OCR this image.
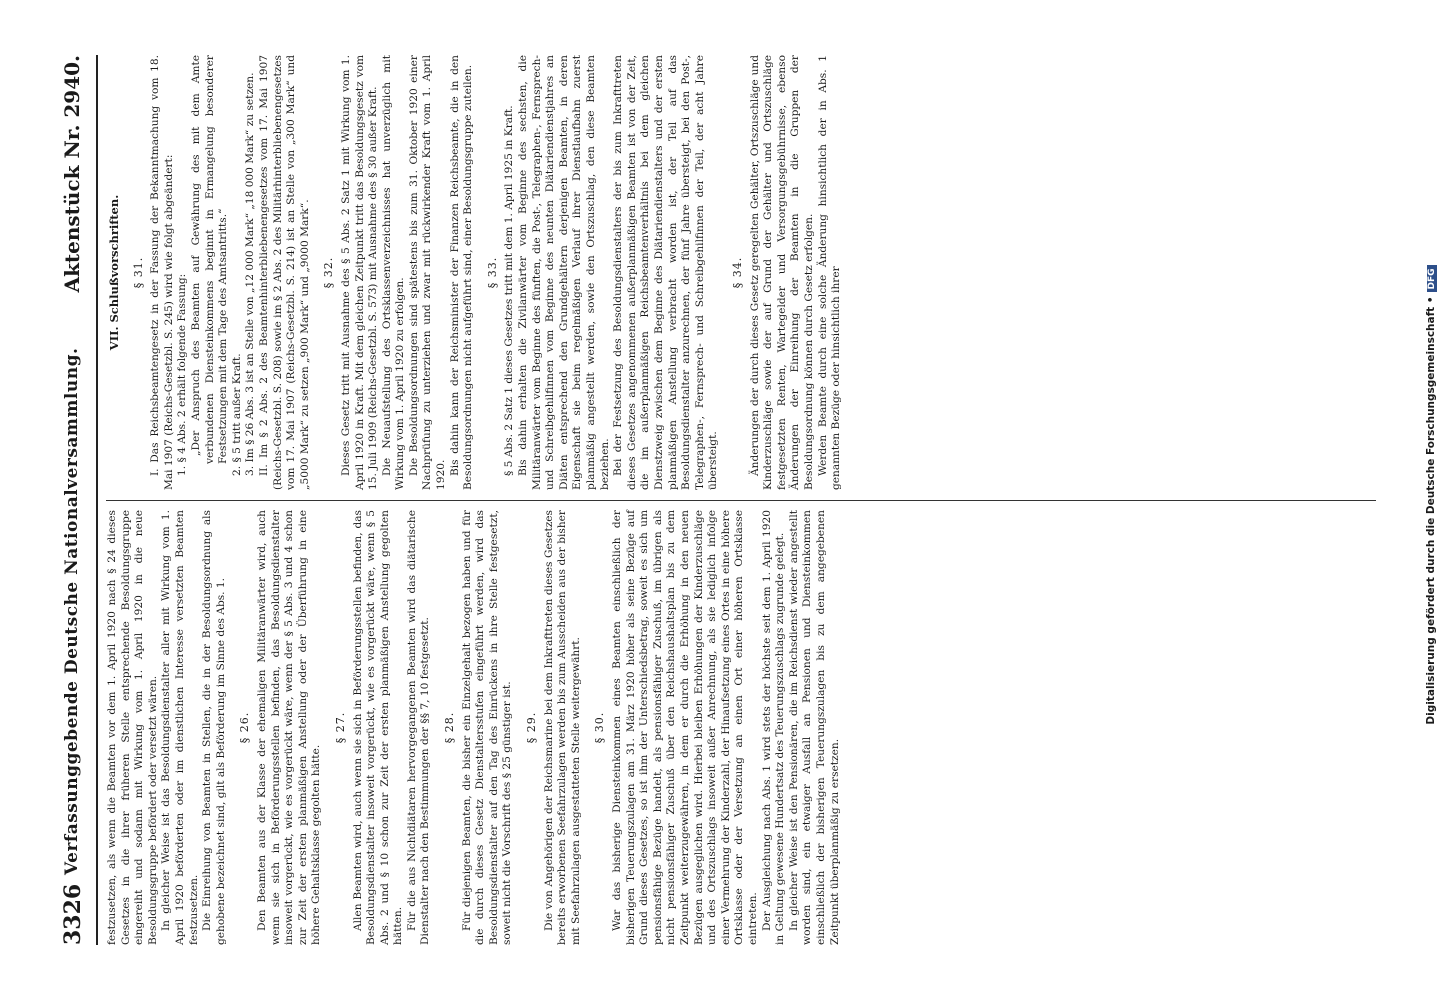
3326
Verfassunggebende Deutsche Nationalversammlung.
Aktenstück Nr. 2940.

festzusetzen, als wenn die Beamten vor dem 1. April 1920 nach § 24 dieses Gesetzes in die ihrer früheren Stelle entsprechende Besoldungsgruppe eingereiht und sodann mit Wirkung vom 1. April 1920 in die neue Besoldungsgruppe befördert oder versetzt wären. In gleicher Weise ist das Besoldungsdienstalter aller mit Wirkung vom 1. April 1920 beförderten oder im dienstlichen Interesse versetzten Beamten festzusetzen. Die Einreihung von Beamten in Stellen, die in der Besoldungsordnung als gehobene bezeichnet sind, gilt als Beförderung im Sinne des Abs. 1. § 26. Den Beamten aus der Klasse der ehemaligen Militäranwärter wird, auch wenn sie sich in Beförderungsstellen befinden, das Besoldungsdienstalter insoweit vorgerückt, wie es vorgerückt wäre, wenn der § 5 Abs. 3 und 4 schon zur Zeit der ersten planmäßigen Anstellung oder der Überführung in eine höhere Gehaltsklasse gegolten hätte.

§ 27. Allen Beamten wird, auch wenn sie sich in Beförderungsstellen befinden, das Besoldungsdienstalter insoweit vorgerückt, wie es vorgerückt wäre, wenn § 5 Abs. 2 und § 10 schon zur Zeit der ersten planmäßigen Anstellung gegolten hätten. Für die aus Nichtdiätaren hervorgegangenen Beamten wird das diätarische Dienstalter nach den Bestimmungen der §§ 7, 10 festgesetzt. § 28. Für diejenigen Beamten, die bisher ein Einzelgehalt bezogen haben und für die durch dieses Gesetz Dienstaltersstufen eingeführt werden, wird das Besoldungsdienstalter auf den Tag des Einrückens in ihre Stelle festgesetzt, soweit nicht die Vorschrift des § 25 günstiger ist. § 29. Die von Angehörigen der Reichsmarine bei dem Inkrafttreten dieses Gesetzes bereits erworbenen Seefahrzulagen werden bis zum Ausscheiden aus der bisher mit Seefahrzulagen ausgestatteten Stelle weitergewährt. § 30. War das bisherige Diensteinkommen eines Beamten einschließlich der bisherigen Teuerungszulagen am 31. März 1920 höher als seine Bezüge auf Grund dieses Gesetzes, so ist ihm der Unterschiedsbetrag, soweit es sich um pensionsfähige Bezüge handelt, als pensionsfähiger Zuschuß, im übrigen als nicht pensionsfähiger Zuschuß über den Reichshaushaltsplan bis zu dem Zeitpunkt weiterzugewähren, in dem er durch die Erhöhung in den neuen Bezügen ausgeglichen wird. Hierbei bleiben Erhöhungen der Kinderzuschläge und des Ortszuschlags insoweit außer Anrechnung, als sie lediglich infolge einer Vermehrung der Kinderzahl, der Hinaufsetzung eines Ortes in eine höhere Ortsklasse oder der Versetzung an einen Ort einer höheren Ortsklasse eintreten. Der Ausgleichung nach Abs. 1 wird stets der höchste seit dem 1. April 1920 in Geltung gewesene Hundertsatz des Teuerungszuschlags zugrunde gelegt. In gleicher Weise ist den Pensionären, die im Reichsdienst wieder angestellt worden sind, ein etwaiger Ausfall an Pensionen und Diensteinkommen einschließlich der bisherigen Teuerungszulagen bis zu dem angegebenen Zeitpunkt überplanmäßig zu ersetzen.

VII. Schlußvorschriften. § 31. I. Das Reichsbeamtengesetz in der Fassung der Bekanntmachung vom 18. Mai 1907 (Reichs-Gesetzbl. S. 245) wird wie folgt abgeändert: 1. § 4 Abs. 2 erhält folgende Fassung: „Der Anspruch des Beamten auf Gewährung des mit dem Amte verbundenen Diensteinkommens beginnt in Ermangelung besonderer Festsetzungen mit dem Tage des Amtsantritts.“ 2. § 5 tritt außer Kraft. 3. Im § 26 Abs. 3 ist an Stelle von „12 000 Mark“ „18 000 Mark“ zu setzen. II. Im § 2 Abs. 2 des Beamtenhinterbliebenengesetzes vom 17. Mai 1907 (Reichs-Gesetzbl. S. 208) sowie im § 2 Abs. 2 des Militärhinterbliebenengesetzes vom 17. Mai 1907 (Reichs-Gesetzbl. S. 214) ist an Stelle von „300 Mark“ und „5000 Mark“ zu setzen „900 Mark“ und „9000 Mark“. § 32. Dieses Gesetz tritt mit Ausnahme des § 5 Abs. 2 Satz 1 mit Wirkung vom 1. April 1920 in Kraft. Mit dem gleichen Zeitpunkt tritt das Besoldungsgesetz vom 15. Juli 1909 (Reichs-Gesetzbl. S. 573) mit Ausnahme des § 30 außer Kraft. Die Neuaufstellung des Ortsklassenverzeichnisses hat unverzüglich mit Wirkung vom 1. April 1920 zu erfolgen. Die Besoldungsordnungen sind spätestens bis zum 31. Oktober 1920 einer Nachprüfung zu unterziehen und zwar mit rückwirkender Kraft vom 1. April 1920. Bis dahin kann der Reichsminister der Finanzen Reichsbeamte, die in den Besoldungsordnungen nicht aufgeführt sind, einer Besoldungsgruppe zuteilen. § 33. § 5 Abs. 2 Satz 1 dieses Gesetzes tritt mit dem 1. April 1925 in Kraft. Bis dahin erhalten die Zivilanwärter vom Beginne des sechsten, die Militäranwärter vom Beginne des fünften, die Post-, Telegraphen-, Fernsprech- und Schreibgehilfinnen vom Beginne des neunten Diätariendienstjahres an Diäten entsprechend den Grundgehältern derjenigen Beamten, in deren Eigenschaft sie beim regelmäßigen Verlauf ihrer Dienstlaufbahn zuerst planmäßig angestellt werden, sowie den Ortszuschlag, den diese Beamten beziehen. Bei der Festsetzung des Besoldungsdienstalters der bis zum Inkrafttreten dieses Gesetzes angenommenen außerplanmäßigen Beamten ist von der Zeit, die im außerplanmäßigen Reichsbeamtenverhältnis bei dem gleichen Dienstzweig zwischen dem Beginne des Diätariendienstalters und der ersten planmäßigen Anstellung verbracht worden ist, der Teil auf das Besoldungsdienstalter anzurechnen, der fünf Jahre übersteigt, bei den Post-, Telegraphen-, Fernsprech- und Schreibgehilfinnen der Teil, der acht Jahre übersteigt.

§ 34. Änderungen der durch dieses Gesetz geregelten Gehälter, Ortszuschläge und Kinderzuschläge sowie der auf Grund der Gehälter und Ortszuschläge festgesetzten Renten, Wartegelder und Versorgungsgebührnisse, ebenso Änderungen der Einreihung der Beamten in die Gruppen der Besoldungsordnung können durch Gesetz erfolgen. Werden Beamte durch eine solche Änderung hinsichtlich der in Abs. 1 genannten Bezüge oder hinsichtlich ihrer	Digitalisierung gefördert durch die Deutsche Forschungsgemeinschaft •DFG
